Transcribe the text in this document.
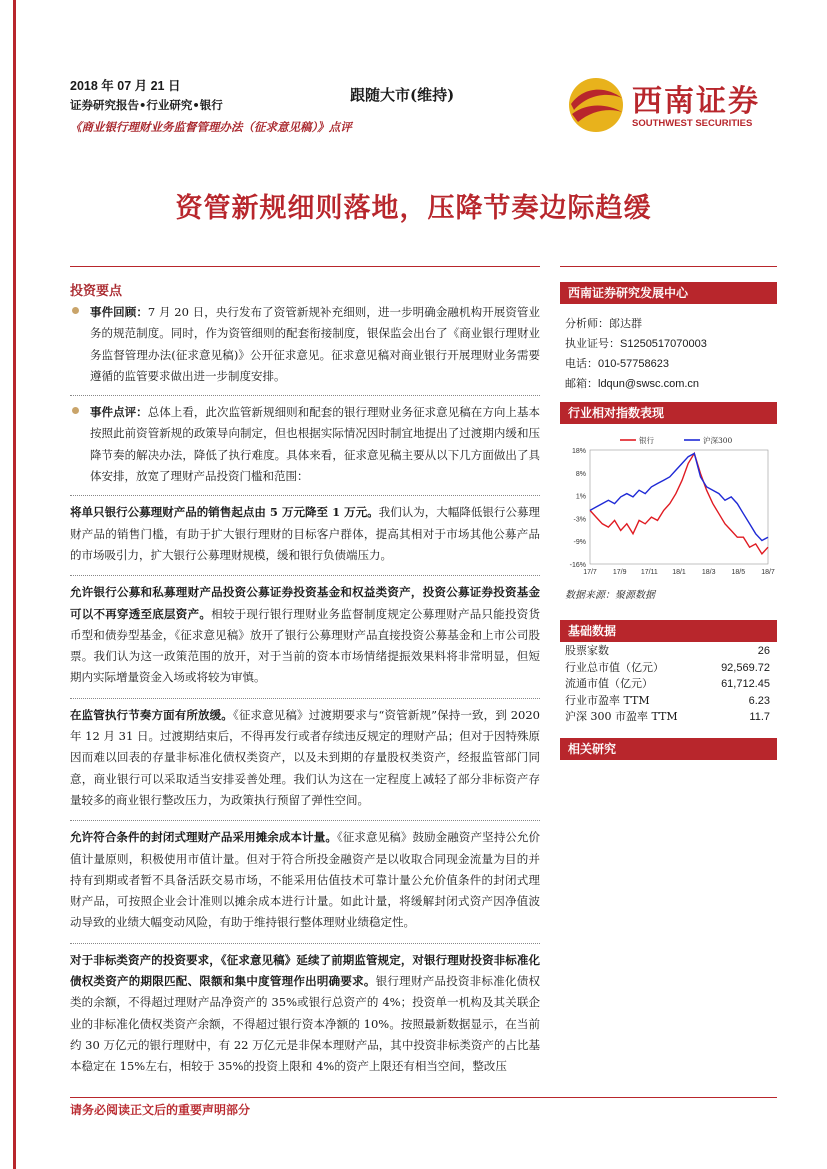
2018 年 07 月 21 日
证券研究报告•行业研究•银行
《商业银行理财业务监督管理办法（征求意见稿）》点评
跟随大市(维持)	西南证券
SOUTHWEST SECURITIES
资管新规细则落地，压降节奏边际趋缓
投资要点
事件回顾：7 月 20 日，央行发布了资管新规补充细则，进一步明确金融机构开展资管业务的规范制度。同时，作为资管细则的配套衔接制度，银保监会出台了《商业银行理财业务监督管理办法(征求意见稿)》公开征求意见。征求意见稿对商业银行开展理财业务需要遵循的监管要求做出进一步制度安排。
事件点评：总体上看，此次监管新规细则和配套的银行理财业务征求意见稿在方向上基本按照此前资管新规的政策导向制定，但也根据实际情况因时制宜地提出了过渡期内缓和压降节奏的解决办法，降低了执行难度。具体来看，征求意见稿主要从以下几方面做出了具体安排，放宽了理财产品投资门槛和范围：
将单只银行公募理财产品的销售起点由 5 万元降至 1 万元。我们认为，大幅降低银行公募理财产品的销售门槛，有助于扩大银行理财的目标客户群体，提高其相对于市场其他公募产品的市场吸引力，扩大银行公募理财规模，缓和银行负债端压力。
允许银行公募和私募理财产品投资公募证券投资基金和权益类资产，投资公募证券投资基金可以不再穿透至底层资产。相较于现行银行理财业务监督制度规定公募理财产品只能投资货币型和债券型基金，《征求意见稿》放开了银行公募理财产品直接投资公募基金和上市公司股票。我们认为这一政策范围的放开，对于当前的资本市场情绪提振效果料将非常明显，但短期内实际增量资金入场或将较为审慎。
在监管执行节奏方面有所放缓。《征求意见稿》过渡期要求与“资管新规”保持一致，到 2020 年 12 月 31 日。过渡期结束后，不得再发行或者存续违反规定的理财产品；但对于因特殊原因而难以回表的存量非标准化债权类资产，以及未到期的存量股权类资产，经报监管部门同意，商业银行可以采取适当安排妥善处理。我们认为这在一定程度上减轻了部分非标资产存量较多的商业银行整改压力，为政策执行预留了弹性空间。
允许符合条件的封闭式理财产品采用摊余成本计量。《征求意见稿》鼓励金融资产坚持公允价值计量原则，积极使用市值计量。但对于符合所投金融资产是以收取合同现金流量为目的并持有到期或者暂不具备活跃交易市场，不能采用估值技术可靠计量公允价值条件的封闭式理财产品，可按照企业会计准则以摊余成本进行计量。如此计量，将缓解封闭式资产因净值波动导致的业绩大幅变动风险，有助于维持银行整体理财业绩稳定性。
对于非标类资产的投资要求，《征求意见稿》延续了前期监管规定，对银行理财投资非标准化债权类资产的期限匹配、限额和集中度管理作出明确要求。银行理财产品投资非标准化债权类的余额，不得超过理财产品净资产的 35%或银行总资产的 4%；投资单一机构及其关联企业的非标准化债权类资产余额，不得超过银行资本净额的 10%。按照最新数据显示，在当前约 30 万亿元的银行理财中，有 22 万亿元是非保本理财产品，其中投资非标类资产的占比基本稳定在 15%左右，相较于 35%的投资上限和 4%的资产上限还有相当空间，整改压
西南证券研究发展中心
分析师：郎达群
执业证号：S1250517070003
电话：010-57758623
邮箱：ldqun@swsc.com.cn
行业相对指数表现
18%
8%
1%
-3%
-9%
-16%
17/7 17/9 17/11 18/1 18/3 18/5 18/7
银行	沪深300
数据来源：聚源数据
基础数据
股票家数	26
行业总市值（亿元）	92,569.72
流通市值（亿元）	61,712.45
行业市盈率 TTM	6.23
沪深 300 市盈率 TTM	11.7
相关研究
请务必阅读正文后的重要声明部分
